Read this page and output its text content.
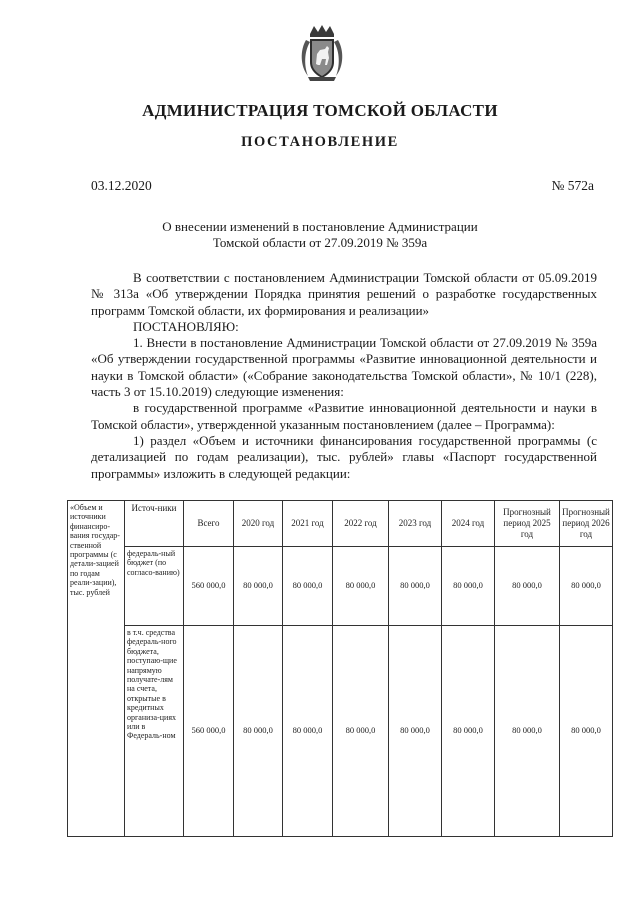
АДМИНИСТРАЦИЯ ТОМСКОЙ ОБЛАСТИ
ПОСТАНОВЛЕНИЕ
03.12.2020	№ 572а
О внесении изменений в постановление Администрации
Томской области от 27.09.2019 № 359а

В соответствии с постановлением Администрации Томской области от 05.09.2019 № 313а «Об утверждении Порядка принятия решений о разработке государственных программ Томской области, их формирования и реализации»

ПОСТАНОВЛЯЮ:

1. Внести в постановление Администрации Томской области от 27.09.2019 № 359а «Об утверждении государственной программы «Развитие инновационной деятельности и науки в Томской области» («Собрание законодательства Томской области», № 10/1 (228), часть 3 от 15.10.2019) следующие изменения:

в государственной программе «Развитие инновационной деятельности и науки в Томской области», утвержденной указанным постановлением (далее – Программа):

1) раздел «Объем и источники финансирования государственной программы (с детализацией по годам реализации), тыс. рублей» главы «Паспорт государственной программы» изложить в следующей редакции:

«Объем и источники финансиро-вания государ-ственной программы (с детали-зацией по годам реали-зации), тыс. рублей	Источ-ники	Всего	2020 год	2021 год	2022 год	2023 год	2024 год	Прогнозный период 2025 год	Прогнозный период 2026 год
	федераль-ный бюджет (по согласо-ванию)	560 000,0	80 000,0	80 000,0	80 000,0	80 000,0	80 000,0	80 000,0	80 000,0
	в т.ч. средства федераль-ного бюджета, поступаю-щие напрямую получате-лям на счета, открытые в кредитных организа-циях или в Федераль-ном	560 000,0	80 000,0	80 000,0	80 000,0	80 000,0	80 000,0	80 000,0	80 000,0
